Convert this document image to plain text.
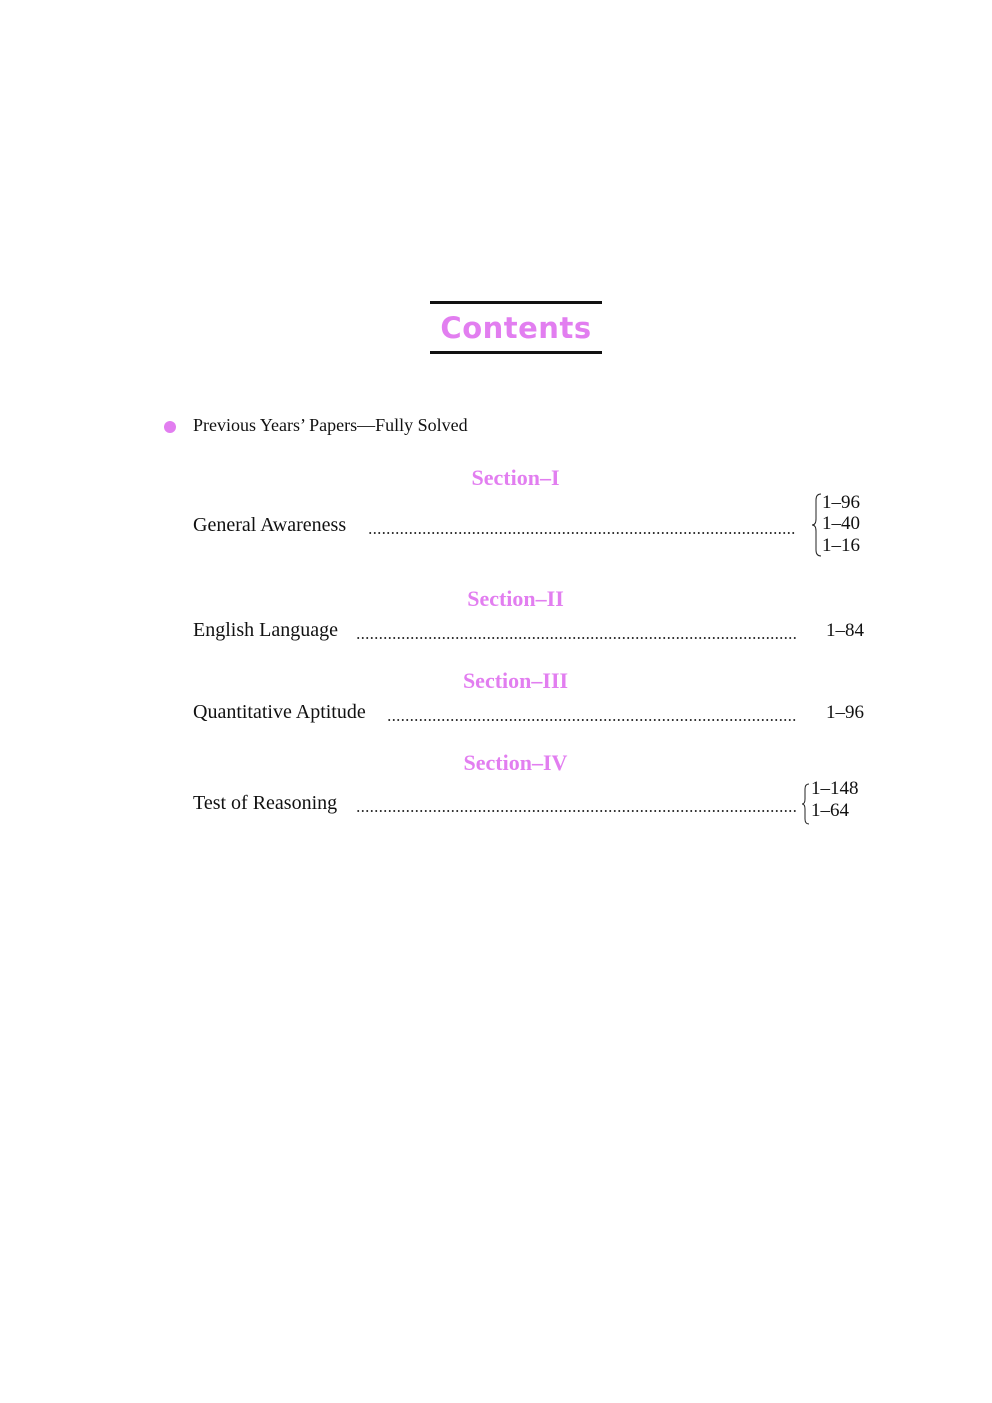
Contents
Previous Years’ Papers—Fully Solved
Section–I
General Awareness
1–96
1–40
1–16
Section–II
English Language	1–84
Section–III
Quantitative Aptitude	1–96
Section–IV
Test of Reasoning
1–148
1–64
